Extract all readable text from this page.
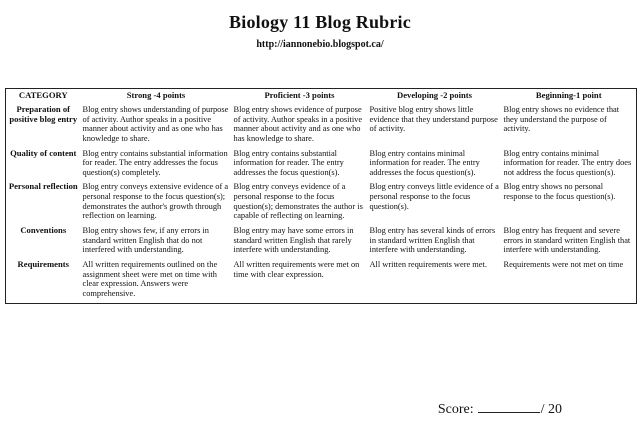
Biology 11 Blog Rubric
http://iannonebio.blogspot.ca/
CATEGORY	Strong -4 points	Proficient -3 points	Developing -2 points	Beginning-1 point
Preparation of positive blog entry	Blog entry shows understanding of purpose of activity. Author speaks in a positive manner about activity and as one who has knowledge to share.	Blog entry shows evidence of purpose of activity. Author speaks in a positive manner about activity and as one who has knowledge to share.	Positive blog entry shows little evidence that they understand purpose of activity.	Blog entry shows no evidence that they understand the purpose of activity.
Quality of content	Blog entry contains substantial information for reader. The entry addresses the focus question(s) completely.	Blog entry contains substantial information for reader. The entry addresses the focus question(s).	Blog entry contains minimal information for reader. The entry addresses the focus question(s).	Blog entry contains minimal information for reader. The entry does not address the focus question(s).
Personal reflection	Blog entry conveys extensive evidence of a personal response to the focus question(s); demonstrates the author's growth through reflection on learning.	Blog entry conveys evidence of a personal response to the focus question(s); demonstrates the author is capable of reflecting on learning.	Blog entry conveys little evidence of a personal response to the focus question(s).	Blog entry shows no personal response to the focus question(s).
Conventions	Blog entry shows few, if any errors in standard written English that do not interfered with understanding.	Blog entry may have some errors in standard written English that rarely interfere with understanding.	Blog entry has several kinds of errors in standard written English that interfere with understanding.	Blog entry has frequent and severe errors in standard written English that interfere with understanding.
Requirements	All written requirements outlined on the assignment sheet were met on time with clear expression. Answers were comprehensive.	All written requirements were met on time with clear expression.	All written requirements were met.	Requirements were not met on time
Score:	/ 20
